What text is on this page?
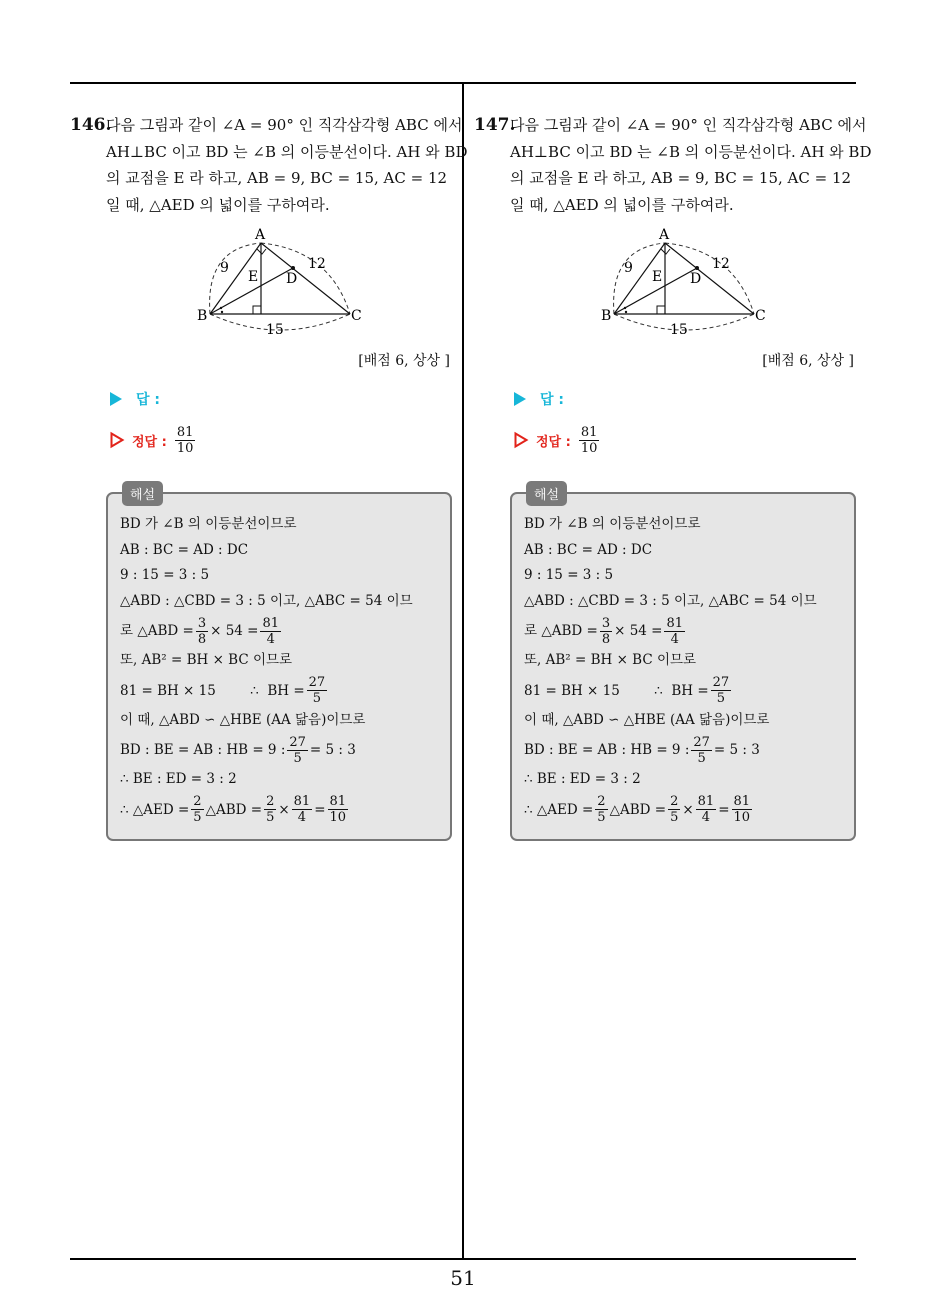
146.
다음 그림과 같이 ∠A = 90° 인 직각삼각형 ABC 에서
AH⊥BC 이고 BD 는 ∠B 의 이등분선이다. AH 와 BD
의 교점을 E 라 하고, AB = 9, BC = 15, AC = 12
일 때, △AED 의 넓이를 구하여라.
A
B	C
D
E
9	12
15
[배점 6, 상상 ]
답 :
정답 : $\frac{81}{10}$
해설
BD 가 ∠B 의 이등분선이므로
AB : BC = AD : DC
9 : 15 = 3 : 5
△ABD : △CBD = 3 : 5 이고, △ABC = 54 이므
로 △ABD = $\frac{3}{8} \times 54 = \frac{81}{4}$
또, AB² = BH × BC 이므로
81 = BH × 15        ∴  BH = $\frac{27}{5}$
이 때, △ABD ∽ △HBE (AA 닮음)이므로
BD : BE = AB : HB = 9 : $\frac{27}{5} = 5$ : 3
∴ BE : ED = 3 : 2
∴ △AED = $\frac{2}{5}$ △ABD = $\frac{2}{5} \times \frac{81}{4} = \frac{81}{10}$
147.
다음 그림과 같이 ∠A = 90° 인 직각삼각형 ABC 에서
AH⊥BC 이고 BD 는 ∠B 의 이등분선이다. AH 와 BD
의 교점을 E 라 하고, AB = 9, BC = 15, AC = 12
일 때, △AED 의 넓이를 구하여라.
A
B	C
D
E
9	12
15
[배점 6, 상상 ]
답 :
정답 : $\frac{81}{10}$
해설
BD 가 ∠B 의 이등분선이므로
AB : BC = AD : DC
9 : 15 = 3 : 5
△ABD : △CBD = 3 : 5 이고, △ABC = 54 이므
로 △ABD = $\frac{3}{8} \times 54 = \frac{81}{4}$
또, AB² = BH × BC 이므로
81 = BH × 15        ∴  BH = $\frac{27}{5}$
이 때, △ABD ∽ △HBE (AA 닮음)이므로
BD : BE = AB : HB = 9 : $\frac{27}{5} = 5$ : 3
∴ BE : ED = 3 : 2
∴ △AED = $\frac{2}{5}$ △ABD = $\frac{2}{5} \times \frac{81}{4} = \frac{81}{10}$
51
